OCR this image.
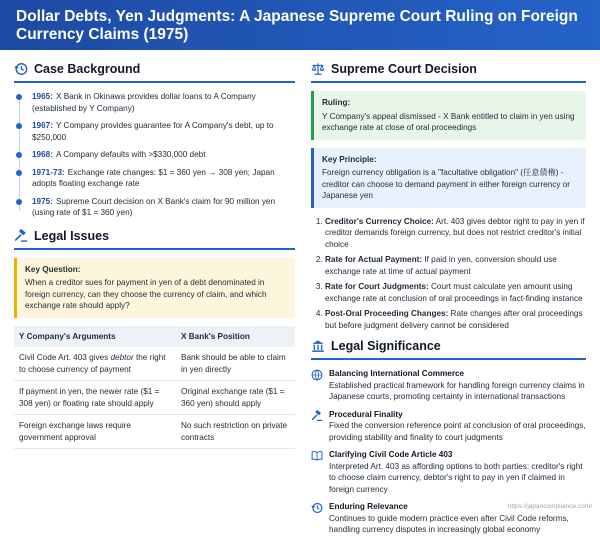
Dollar Debts, Yen Judgments: A Japanese Supreme Court Ruling on Foreign Currency Claims (1975)
Case Background
1965: X Bank in Okinawa provides dollar loans to A Company (established by Y Company)
1967: Y Company provides guarantee for A Company's debt, up to $250,000
1968: A Company defaults with >$330,000 debt
1971-73: Exchange rate changes: $1 = 360 yen → 308 yen; Japan adopts floating exchange rate
1975: Supreme Court decision on X Bank's claim for 90 million yen (using rate of $1 = 360 yen)
Legal Issues
Key Question:
When a creditor sues for payment in yen of a debt denominated in foreign currency, can they choose the currency of claim, and which exchange rate should apply?
Y Company's Arguments	X Bank's Position
Civil Code Art. 403 gives debtor the right to choose currency of payment	Bank should be able to claim in yen directly
If payment in yen, the newer rate ($1 = 308 yen) or floating rate should apply	Original exchange rate ($1 = 360 yen) should apply
Foreign exchange laws require government approval	No such restriction on private contracts
Supreme Court Decision
Ruling:
Y Company's appeal dismissed - X Bank entitled to claim in yen using exchange rate at close of oral proceedings
Key Principle:
Foreign currency obligation is a "facultative obligation" (任意債権) - creditor can choose to demand payment in either foreign currency or Japanese yen
1. Creditor's Currency Choice: Art. 403 gives debtor right to pay in yen if creditor demands foreign currency, but does not restrict creditor's initial choice
2. Rate for Actual Payment: If paid in yen, conversion should use exchange rate at time of actual payment
3. Rate for Court Judgments: Court must calculate yen amount using exchange rate at conclusion of oral proceedings in fact-finding instance
4. Post-Oral Proceeding Changes: Rate changes after oral proceedings but before judgment delivery cannot be considered
Legal Significance
Balancing International Commerce
Established practical framework for handling foreign currency claims in Japanese courts, promoting certainty in international transactions
Procedural Finality
Fixed the conversion reference point at conclusion of oral proceedings, providing stability and finality to court judgments
Clarifying Civil Code Article 403
Interpreted Art. 403 as affording options to both parties: creditor's right to choose claim currency, debtor's right to pay in yen if claimed in foreign currency
Enduring Relevance
Continues to guide modern practice even after Civil Code reforms, handling currency disputes in increasingly global economy
https://japancompliance.com/
